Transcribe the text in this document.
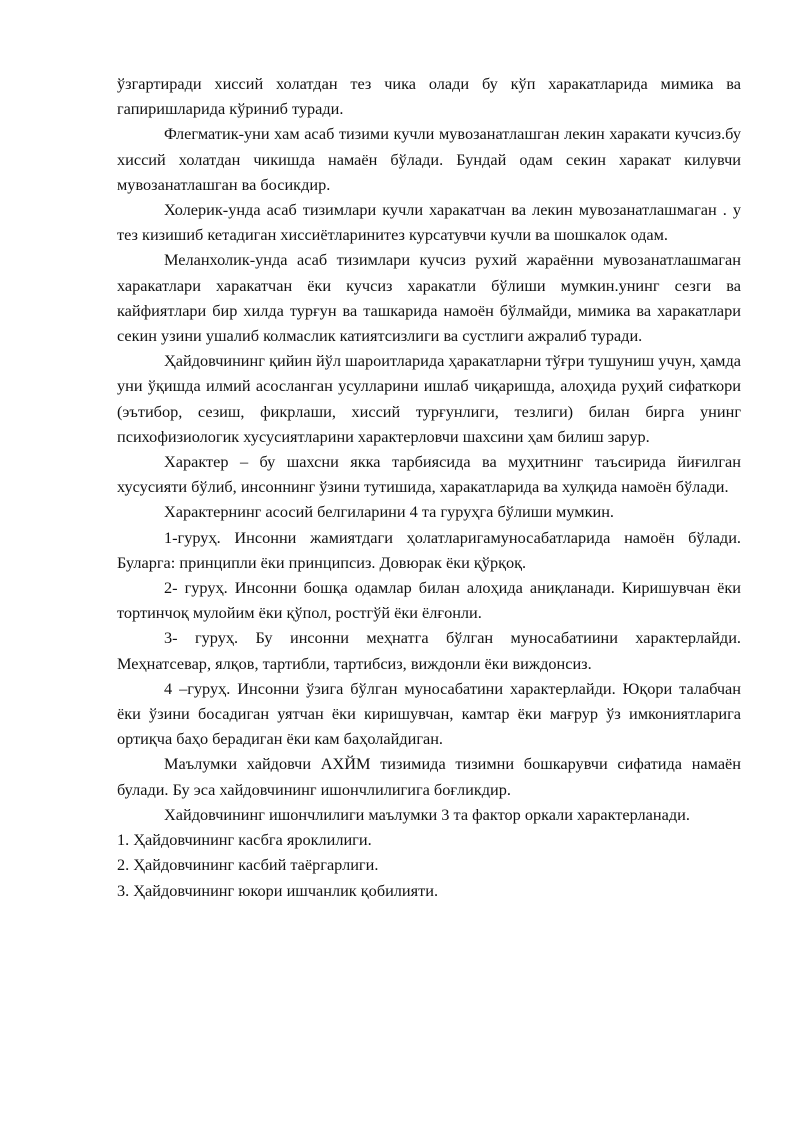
ўзгартиради хиссий холатдан тез чика олади бу кўп харакатларида мимика ва гапиришларида кўриниб туради.

Флегматик-уни хам асаб тизими кучли мувозанатлашган лекин харакати кучсиз.бу хиссий холатдан чикишда намаён бўлади. Бундай одам секин харакат килувчи мувозанатлашган ва босикдир.

Холерик-унда асаб тизимлари кучли харакатчан ва лекин мувозанатлашмаган . у тез кизишиб кетадиган хиссиётларинитез курсатувчи кучли ва шошкалок одам.

Меланхолик-унда асаб тизимлари кучсиз рухий жараённи мувозанатлашмаган харакатлари харакатчан ёки кучсиз харакатли бўлиши мумкин.унинг сезги ва кайфиятлари бир хилда турғун ва ташкарида намоён бўлмайди, мимика ва харакатлари секин узини ушалиб колмаслик катиятсизлиги ва сустлиги ажралиб туради.

Ҳайдовчининг қийин йўл шароитларида ҳаракатларни тўғри тушуниш учун, ҳамда уни ўқишда илмий асосланган усулларини ишлаб чиқаришда, алоҳида руҳий сифаткори (эътибор, сезиш, фикрлаши, хиссий турғунлиги, тезлиги) билан бирга унинг психофизиологик хусусиятларини характерловчи шахсини ҳам билиш зарур.

Характер – бу шахсни якка тарбиясида ва муҳитнинг таъсирида йиғилган хусусияти бўлиб, инсоннинг ўзини тутишида, харакатларида ва хулқида намоён бўлади.

Характернинг асосий белгиларини 4 та гуруҳга бўлиши мумкин.

1-гуруҳ. Инсонни жамиятдаги ҳолатларигамуносабатларида намоён бўлади. Буларга: принципли ёки принципсиз. Довюрак ёки қўрқоқ.

2- гуруҳ. Инсонни бошқа одамлар билан алоҳида аниқланади. Киришувчан ёки тортинчоқ мулойим ёки қўпол, ростгўй ёки ёлғонли.

3- гуруҳ. Бу инсонни меҳнатга бўлган муносабатиини характерлайди. Меҳнатсевар, ялқов, тартибли, тартибсиз, виждонли ёки виждонсиз.

4 –гуруҳ. Инсонни ўзига бўлган муносабатини характерлайди. Юқори талабчан ёки ўзини босадиган уятчан ёки киришувчан, камтар ёки мағрур ўз имкониятларига ортиқча баҳо берадиган ёки кам баҳолайдиган.

Маълумки хайдовчи АХЙМ тизимида тизимни бошкарувчи сифатида намаён булади. Бу эса хайдовчининг ишончлилигига боғликдир.

Хайдовчининг ишончлилиги маълумки 3 та фактор оркали характерланади.

1. Ҳайдовчининг касбга яроклилиги.

2. Ҳайдовчининг касбий таёргарлиги.

3. Ҳайдовчининг юкори ишчанлик қобилияти.
